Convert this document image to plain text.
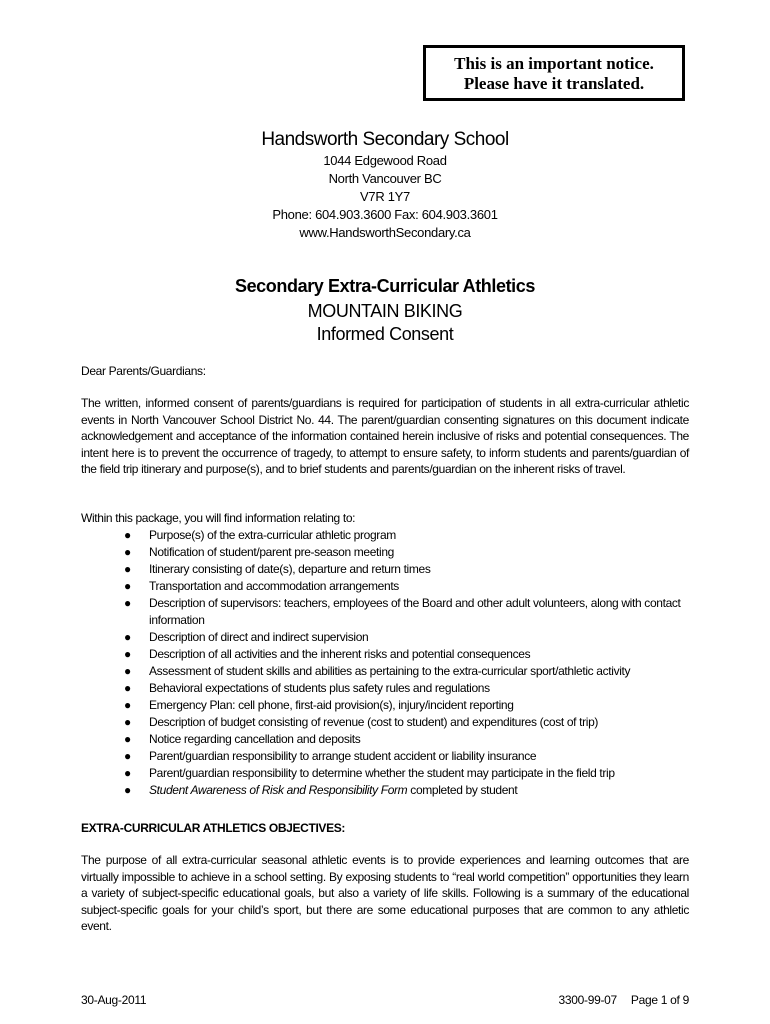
This is an important notice.
Please have it translated.
Handsworth Secondary School
1044 Edgewood Road
North Vancouver BC
V7R 1Y7
Phone: 604.903.3600 Fax: 604.903.3601
www.HandsworthSecondary.ca
Secondary Extra-Curricular Athletics
MOUNTAIN BIKING
Informed Consent
Dear Parents/Guardians:
The written, informed consent of parents/guardians is required for participation of students in all extra-curricular athletic events in North Vancouver School District No. 44. The parent/guardian consenting signatures on this document indicate acknowledgement and acceptance of the information contained herein inclusive of risks and potential consequences. The intent here is to prevent the occurrence of tragedy, to attempt to ensure safety, to inform students and parents/guardian of the field trip itinerary and purpose(s), and to brief students and parents/guardian on the inherent risks of travel.
Within this package, you will find information relating to:
● Purpose(s) of the extra-curricular athletic program
● Notification of student/parent pre-season meeting
● Itinerary consisting of date(s), departure and return times
● Transportation and accommodation arrangements
● Description of supervisors: teachers, employees of the Board and other adult volunteers, along with contact information
● Description of direct and indirect supervision
● Description of all activities and the inherent risks and potential consequences
● Assessment of student skills and abilities as pertaining to the extra-curricular sport/athletic activity
● Behavioral expectations of students plus safety rules and regulations
● Emergency Plan: cell phone, first-aid provision(s), injury/incident reporting
● Description of budget consisting of revenue (cost to student) and expenditures (cost of trip)
● Notice regarding cancellation and deposits
● Parent/guardian responsibility to arrange student accident or liability insurance
● Parent/guardian responsibility to determine whether the student may participate in the field trip
● Student Awareness of Risk and Responsibility Form completed by student
EXTRA-CURRICULAR ATHLETICS OBJECTIVES:
The purpose of all extra-curricular seasonal athletic events is to provide experiences and learning outcomes that are virtually impossible to achieve in a school setting. By exposing students to “real world competition” opportunities they learn a variety of subject-specific educational goals, but also a variety of life skills. Following is a summary of the educational subject-specific goals for your child’s sport, but there are some educational purposes that are common to any athletic event.
30-Aug-2011	3300-99-07 Page 1 of 9
